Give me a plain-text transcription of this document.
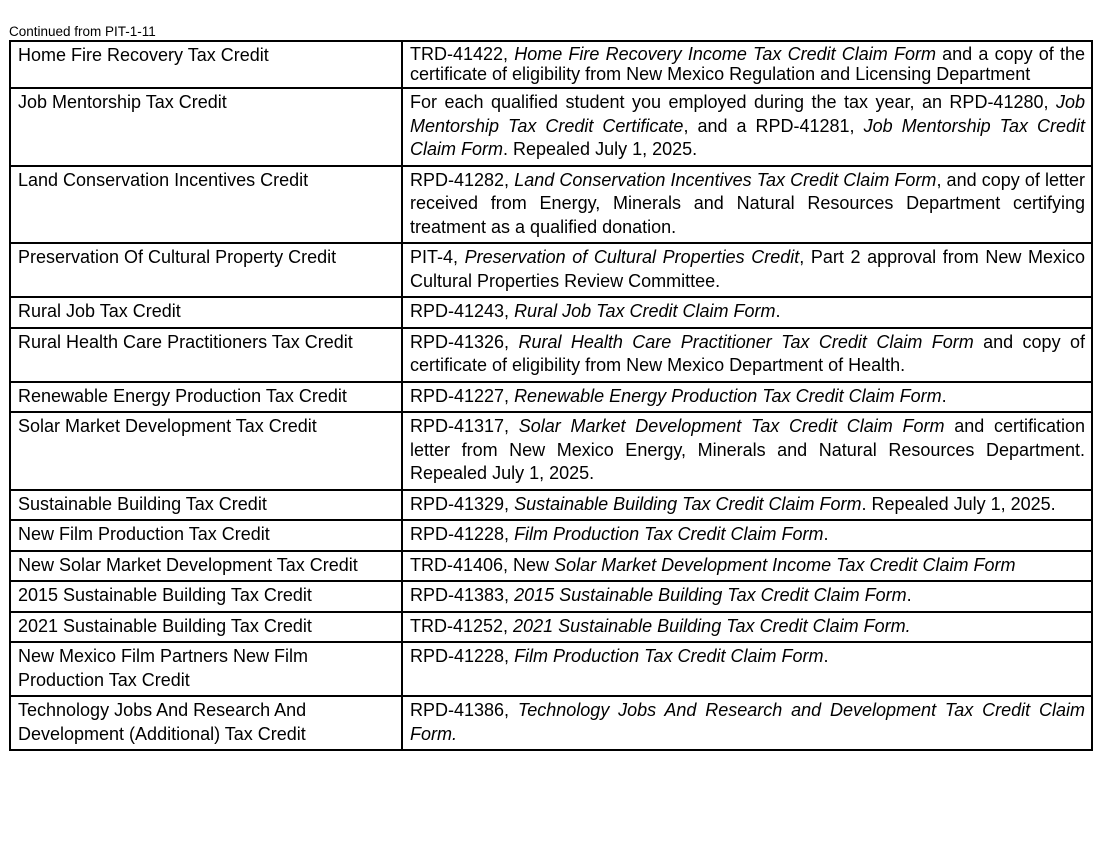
Continued from PIT-1-11

Home Fire Recovery Tax Credit	TRD-41422, Home Fire Recovery Income Tax Credit Claim Form and a copy of the certificate of eligibility from New Mexico Regulation and Licensing Department
Job Mentorship Tax Credit	For each qualified student you employed during the tax year, an RPD-41280, Job Mentorship Tax Credit Certificate, and a RPD-41281, Job Mentorship Tax Credit Claim Form. Repealed July 1, 2025.
Land Conservation Incentives Credit	RPD-41282, Land Conservation Incentives Tax Credit Claim Form, and copy of letter received from Energy, Minerals and Natural Resources Department certifying treatment as a qualified donation.
Preservation Of Cultural Property Credit	PIT-4, Preservation of Cultural Properties Credit, Part 2 approval from New Mexico Cultural Properties Review Committee.
Rural Job Tax Credit	RPD-41243, Rural Job Tax Credit Claim Form.
Rural Health Care Practitioners Tax Credit	RPD-41326, Rural Health Care Practitioner Tax Credit Claim Form and copy of certificate of eligibility from New Mexico Department of Health.
Renewable Energy Production Tax Credit	RPD-41227, Renewable Energy Production Tax Credit Claim Form.
Solar Market Development Tax Credit	RPD-41317, Solar Market Development Tax Credit Claim Form and certification letter from New Mexico Energy, Minerals and Natural Resources Department. Repealed July 1, 2025.
Sustainable Building Tax Credit	RPD-41329, Sustainable Building Tax Credit Claim Form. Repealed July 1, 2025.
New Film Production Tax Credit	RPD-41228, Film Production Tax Credit Claim Form.
New Solar Market Development Tax Credit	TRD-41406, New Solar Market Development Income Tax Credit Claim Form
2015 Sustainable Building Tax Credit	RPD-41383, 2015 Sustainable Building Tax Credit Claim Form.
2021 Sustainable Building Tax Credit	TRD-41252, 2021 Sustainable Building Tax Credit Claim Form.
New Mexico Film Partners New Film Production Tax Credit	RPD-41228, Film Production Tax Credit Claim Form.
Technology Jobs And Research And Development (Additional) Tax Credit	RPD-41386, Technology Jobs And Research and Development Tax Credit Claim Form.
